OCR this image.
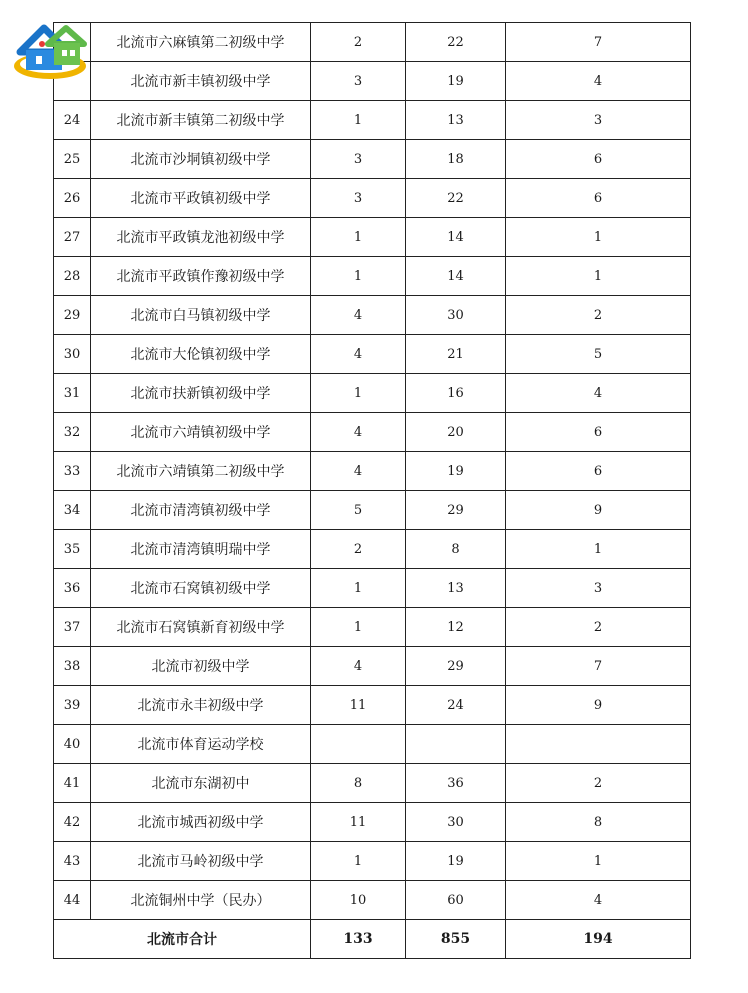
	北流市六麻镇第二初级中学	2	22	7
	北流市新丰镇初级中学	3	19	4
24	北流市新丰镇第二初级中学	1	13	3
25	北流市沙垌镇初级中学	3	18	6
26	北流市平政镇初级中学	3	22	6
27	北流市平政镇龙池初级中学	1	14	1
28	北流市平政镇作豫初级中学	1	14	1
29	北流市白马镇初级中学	4	30	2
30	北流市大伦镇初级中学	4	21	5
31	北流市扶新镇初级中学	1	16	4
32	北流市六靖镇初级中学	4	20	6
33	北流市六靖镇第二初级中学	4	19	6
34	北流市清湾镇初级中学	5	29	9
35	北流市清湾镇明瑞中学	2	8	1
36	北流市石窝镇初级中学	1	13	3
37	北流市石窝镇新育初级中学	1	12	2
38	北流市初级中学	4	29	7
39	北流市永丰初级中学	11	24	9
40	北流市体育运动学校			
41	北流市东湖初中	8	36	2
42	北流市城西初级中学	11	30	8
43	北流市马岭初级中学	1	19	1
44	北流铜州中学（民办）	10	60	4
北流市合计		133	855	194
